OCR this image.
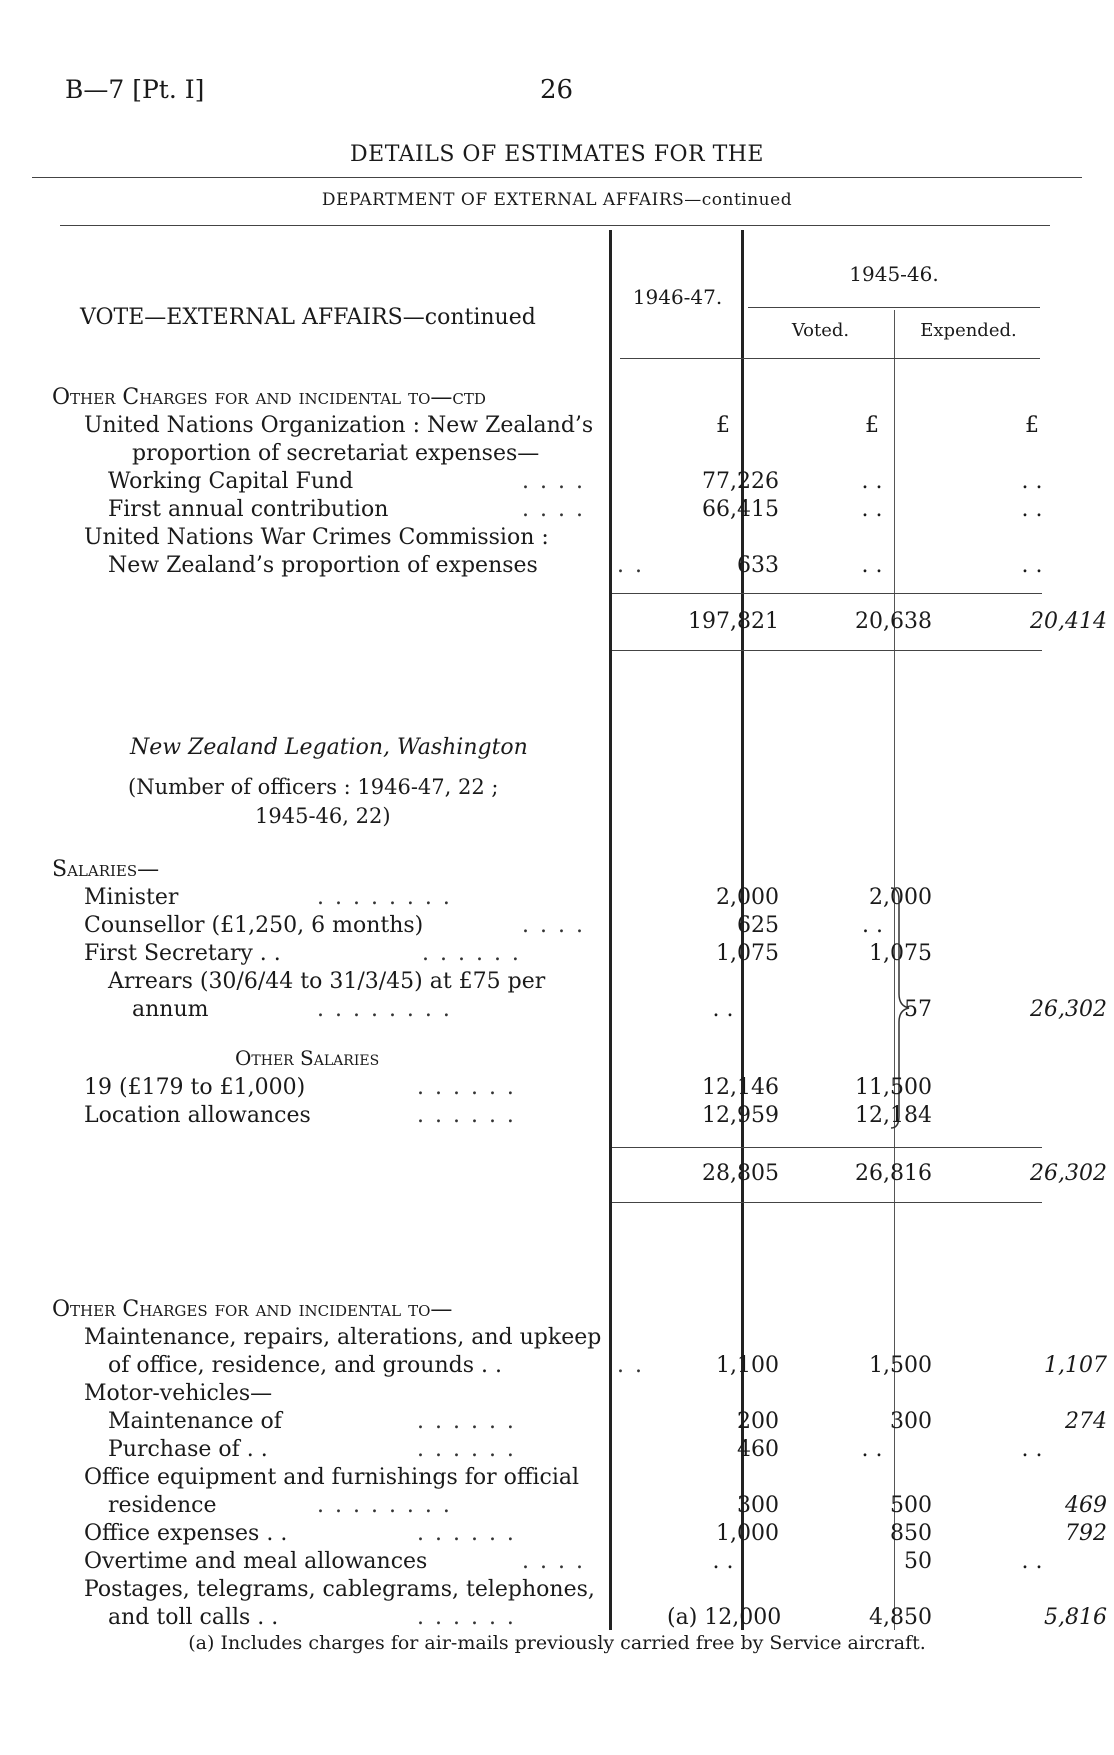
B—7 [Pt. I]	26
DETAILS OF ESTIMATES FOR THE
DEPARTMENT OF EXTERNAL AFFAIRS—continued
VOTE—EXTERNAL AFFAIRS—continued
1946-47.
1945-46.
Voted.	Expended.
Other Charges for and incidental to—ctd
United Nations Organization : New Zealand’s	£	£	£
proportion of secretariat expenses—
Working Capital Fund	. . . .	77,226	. .	. .
First annual contribution	. . . .	66,415	. .	. .
United Nations War Crimes Commission :
New Zealand’s proportion of expenses	. .	633	. .	. .
197,821	20,638	20,414
New Zealand Legation, Washington
(Number of officers : 1946-47, 22 ;
1945-46, 22)
Salaries—
Minister	. . . . . . . .	2,000	2,000
Counsellor (£1,250, 6 months)	. . . .	625	. .
First Secretary . .	. . . . . .	1,075	1,075
Arrears (30/6/44 to 31/3/45) at £75 per
annum	. . . . . . . .	. .	57	26,302
Other Salaries
19 (£179 to £1,000)	. . . . . .	12,146	11,500
Location allowances	. . . . . .	12,959	12,184
28,805	26,816	26,302
Other Charges for and incidental to—
Maintenance, repairs, alterations, and upkeep
of office, residence, and grounds . .	. .	1,100	1,500	1,107
Motor-vehicles—
Maintenance of	. . . . . .	200	300	274
Purchase of . .	. . . . . .	460	. .	. .
Office equipment and furnishings for official
residence	. . . . . . . .	300	500	469
Office expenses . .	. . . . . .	1,000	850	792
Overtime and meal allowances	. . . .	. .	50	. .
Postages, telegrams, cablegrams, telephones,
and toll calls . .	. . . . . .	(a) 12,000	4,850	5,816
(a) Includes charges for air-mails previously carried free by Service aircraft.
